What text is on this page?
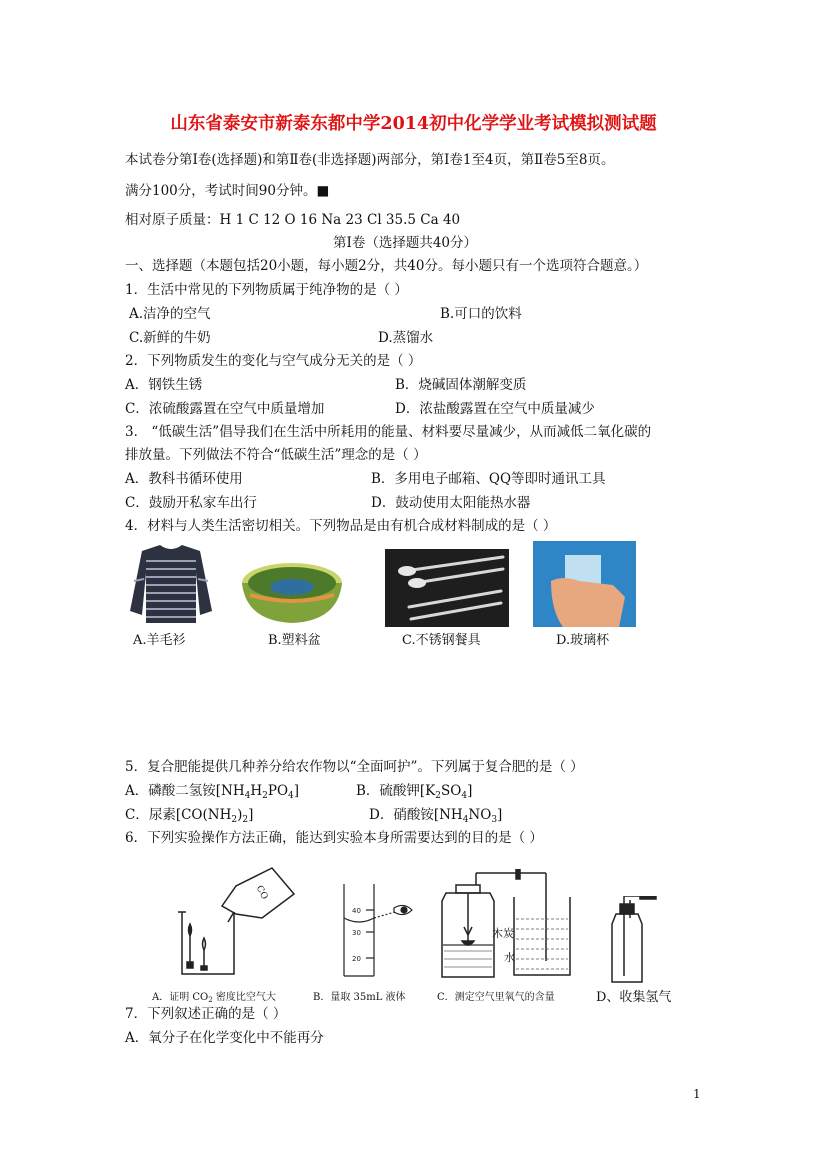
山东省泰安市新泰东都中学2014初中化学学业考试模拟测试题
本试卷分第Ⅰ卷(选择题)和第Ⅱ卷(非选择题)两部分，第Ⅰ卷1至4页，第Ⅱ卷5至8页。
满分100分，考试时间90分钟。■
相对原子质量：H 1 C 12 O 16 Na 23 Cl 35.5 Ca 40
第Ⅰ卷（选择题共40分）
一、选择题（本题包括20小题，每小题2分，共40分。每小题只有一个选项符合题意。）
1．生活中常见的下列物质属于纯净物的是（ ）
A.洁净的空气	B.可口的饮料
C.新鲜的牛奶	D.蒸馏水
2．下列物质发生的变化与空气成分无关的是（ ）
A．钢铁生锈	B．烧碱固体潮解变质
C．浓硫酸露置在空气中质量增加	D．浓盐酸露置在空气中质量减少
3． “低碳生活”倡导我们在生活中所耗用的能量、材料要尽量减少，从而减低二氧化碳的
排放量。下列做法不符合“低碳生活”理念的是（ ）
A．教科书循环使用	B．多用电子邮箱、QQ等即时通讯工具
C．鼓励开私家车出行	D．鼓动使用太阳能热水器
4．材料与人类生活密切相关。下列物品是由有机合成材料制成的是（ ）
A.羊毛衫	B.塑料盆	C.不锈钢餐具	D.玻璃杯
5．复合肥能提供几种养分给农作物以“全面呵护”。下列属于复合肥的是（ ）
A．磷酸二氢铵$[NH_4H_2PO_4]$	B．硫酸钾$[K_2SO_4]$
C．尿素$[CO(NH_2)_2]$	D．硝酸铵$[NH_4NO_3]$
6．下列实验操作方法正确，能达到实验本身所需要达到的目的是（ ）
CO
40
30
20
木炭
水
A．证明 $CO_2$ 密度比空气大	B．量取 35mL 液体	C．测定空气里氧气的含量	D、收集氢气
7．下列叙述正确的是（ ）
A．氧分子在化学变化中不能再分
1
